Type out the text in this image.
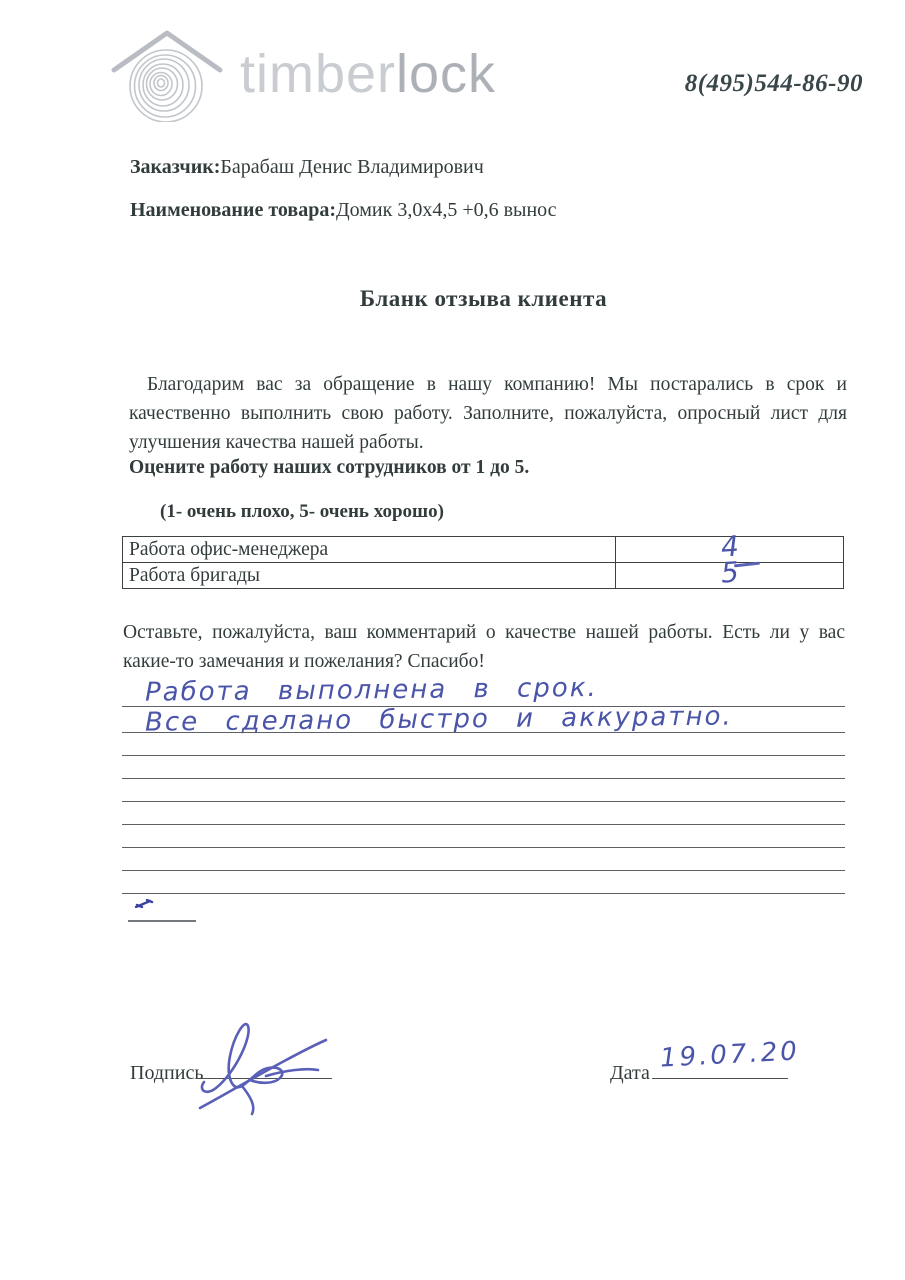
timberlock	8(495)544-86-90
Заказчик:Барабаш Денис Владимирович
Наименование товара:Домик 3,0х4,5 +0,6 вынос
Бланк отзыва клиента
Благодарим вас за обращение в нашу компанию! Мы постарались в срок и качественно выполнить свою работу. Заполните, пожалуйста, опросный лист для улучшения качества нашей работы.
Оцените работу наших сотрудников от 1 до 5.
(1- очень плохо, 5- очень хорошо)
Работа офис-менеджера	4

Работа бригады	5
Оставьте, пожалуйста, ваш комментарий о качестве нашей работы. Есть ли у вас какие-то замечания и пожелания? Спасибо!
Работа выполнена в срок.
Все сделано быстро и аккуратно.
Подпись	Дата 19.07.20
